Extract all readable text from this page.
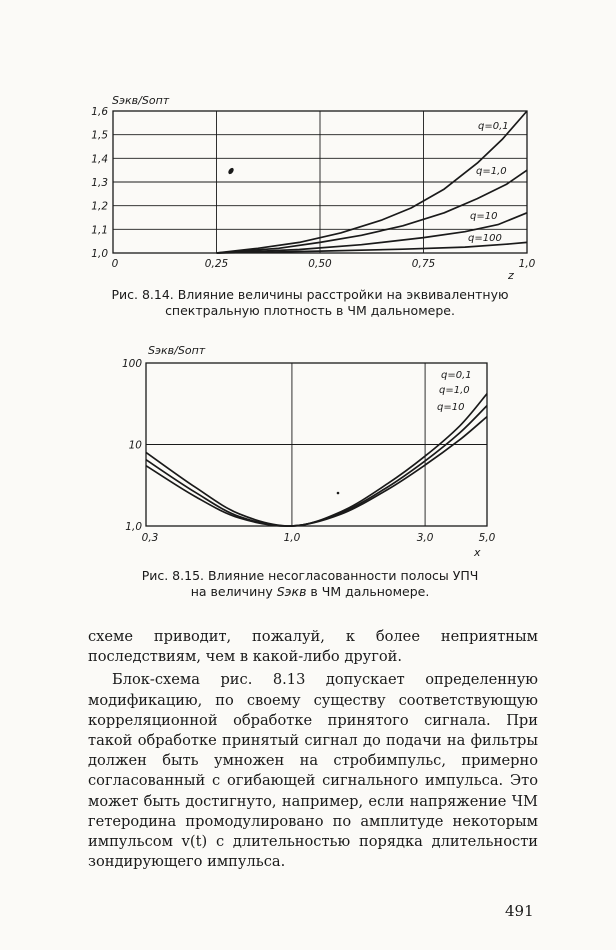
Sэкв/Sопт
z
1,0
1,1
1,2
1,3
1,4
1,5
1,6
0	0,25	0,50	0,75	1,0
q=0,1
q=1,0
q=10
q=100
Рис. 8.14. Влияние величины расстройки на эквивалентную спектральную плотность в ЧМ дальномере.
Sэкв/Sопт
x
1,0
10
100
0,3	1,0	3,0	5,0
q=0,1
q=1,0
q=10
Рис. 8.15. Влияние несогласованности полосы УПЧ
на величину Sэкв в ЧМ дальномере.

схеме приводит, пожалуй, к более неприятным последствиям, чем в какой-либо другой.

Блок-схема рис. 8.13 допускает определенную модификацию, по своему существу соответствующую корреляционной обработке принятого сигнала. При такой обработке принятый сигнал до подачи на фильтры должен быть умножен на стробимпульс, примерно согласованный с огибающей сигнального импульса. Это может быть достигнуто, например, если напряжение ЧМ гетеродина промодулировано по амплитуде некоторым импульсом v(t) с длительностью порядка длительности зондирующего импульса.

491
